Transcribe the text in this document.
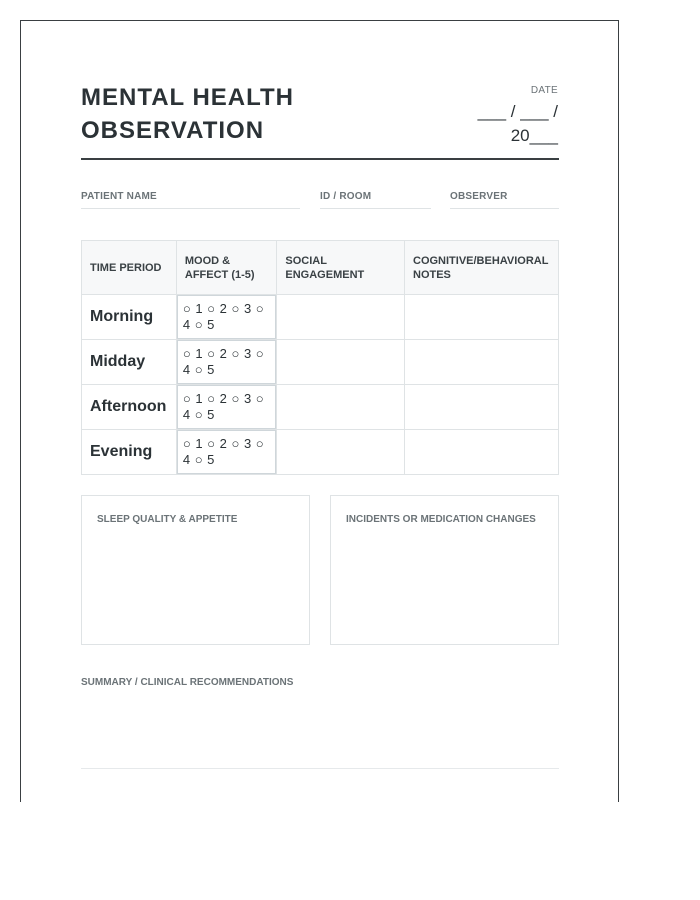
MENTAL HEALTH
OBSERVATION
DATE
___ / ___ /
20___
PATIENT NAME	ID / ROOM	OBSERVER
TIME PERIOD	MOOD & AFFECT (1-5)	SOCIAL ENGAGEMENT	COGNITIVE/BEHAVIORAL NOTES
Morning	○ 1 ○ 2 ○ 3 ○ 4 ○ 5		
Midday	○ 1 ○ 2 ○ 3 ○ 4 ○ 5		
Afternoon	○ 1 ○ 2 ○ 3 ○ 4 ○ 5		
Evening	○ 1 ○ 2 ○ 3 ○ 4 ○ 5		
SLEEP QUALITY & APPETITE	INCIDENTS OR MEDICATION CHANGES
SUMMARY / CLINICAL RECOMMENDATIONS
